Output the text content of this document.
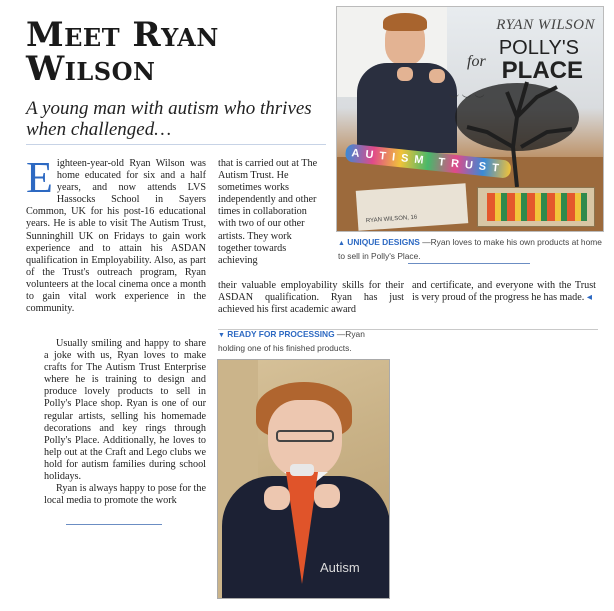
Meet Ryan
Wilson
A young man with autism who thrives when challenged…

E ighteen-year-old Ryan Wilson was home educated for six and a half years, and now attends LVS Hassocks School in Sayers Common, UK for his post-16 educational years. He is able to visit The Autism Trust, Sunninghill UK on Fridays to gain work experience and to attain his ASDAN qualification in Employability. Also, as part of the Trust's outreach program, Ryan volunteers at the local cinema once a month to gain vital work experience in the community.

Usually smiling and happy to share a joke with us, Ryan loves to make crafts for The Autism Trust Enterprise where he is training to design and produce lovely products to sell in Polly's Place shop. Ryan is one of our regular artists, selling his homemade decorations and key rings through Polly's Place. Additionally, he loves to help out at the Craft and Lego clubs we hold for autism families during school holidays.

Ryan is always happy to pose for the local media to promote the work

that is carried out at The Autism Trust. He sometimes works independently and other times in collaboration with two of our other artists. They work together towards achieving

their valuable employability skills for their ASDAN qualification. Ryan has just achieved his first academic award

and certificate, and everyone with the Trust is very proud of the progress he has made. ◂

RYAN WILSON
for
POLLY'S
PLACE
︶ ︶ ︶
AUTISM TRUST
RYAN WILSON, 16
▲ UNIQUE DESIGNS —Ryan loves to make his own products at home to sell in Polly's Place.
▼ READY FOR PROCESSING —Ryan holding one of his finished products.
Autism
